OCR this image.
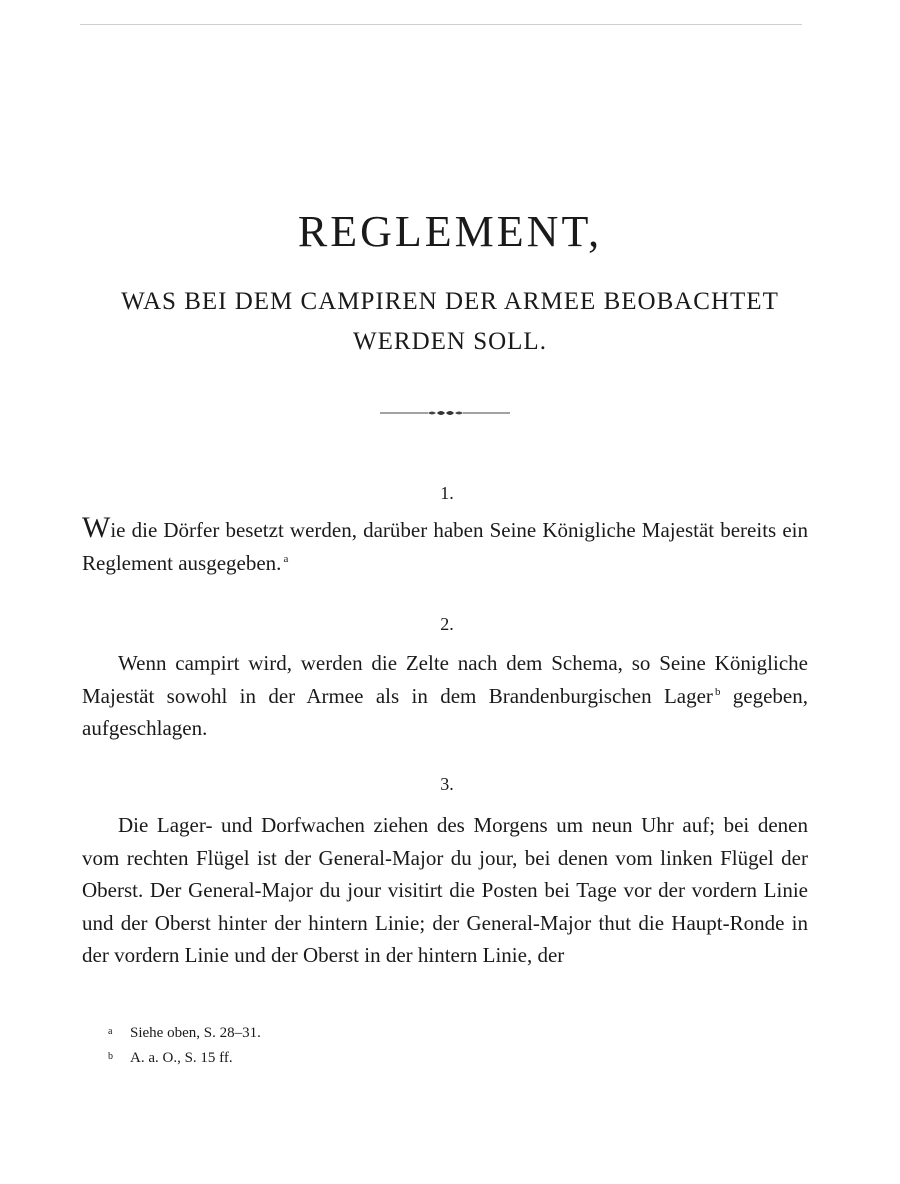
REGLEMENT,
WAS BEI DEM CAMPIREN DER ARMEE BEOBACHTET
WERDEN SOLL.
1.

Wie die Dörfer besetzt werden, darüber haben Seine Königliche Majestät bereits ein Reglement ausgegeben. $^a$

2.

Wenn campirt wird, werden die Zelte nach dem Schema, so Seine Königliche Majestät sowohl in der Armee als in dem Brandenburgischen Lager $^b$ gegeben, aufgeschlagen.

3.

Die Lager- und Dorfwachen ziehen des Morgens um neun Uhr auf; bei denen vom rechten Flügel ist der General-Major du jour, bei denen vom linken Flügel der Oberst. Der General-Major du jour visitirt die Posten bei Tage vor der vordern Linie und der Oberst hinter der hintern Linie; der General-Major thut die Haupt-Ronde in der vordern Linie und der Oberst in der hintern Linie, der

a Siehe oben, S. 28–31.
b A. a. O., S. 15 ff.
